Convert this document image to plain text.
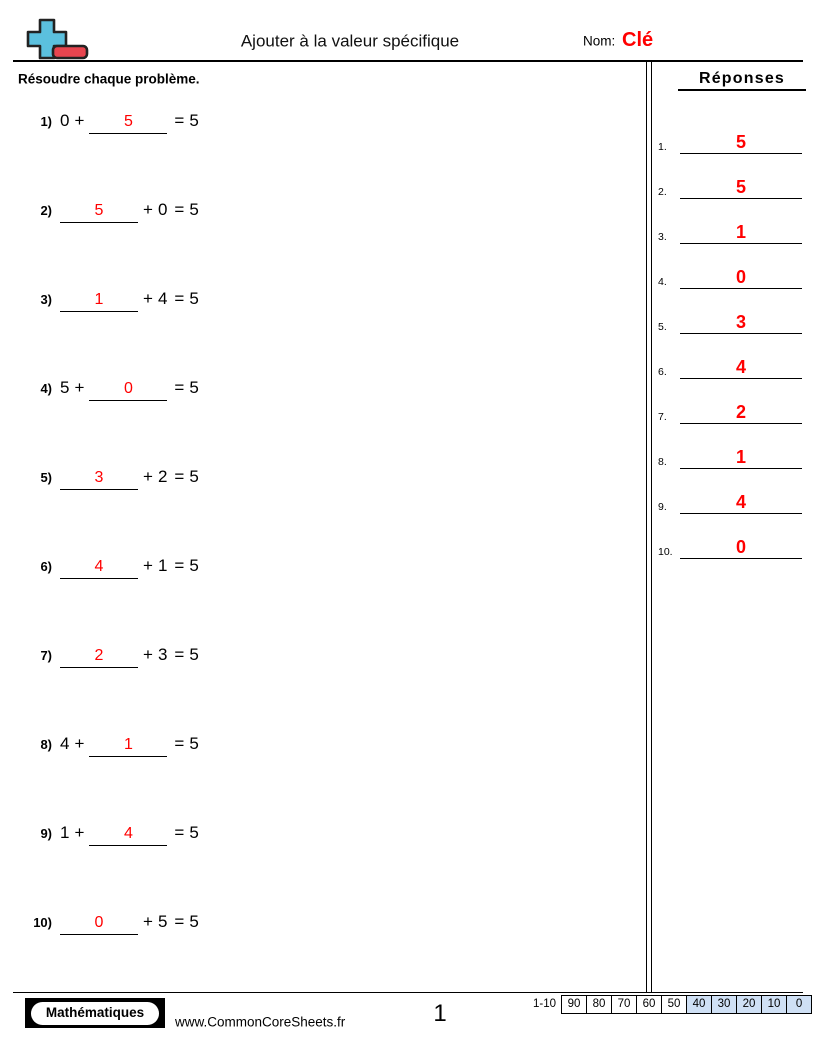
Ajouter à la valeur spécifique	Nom: Clé
Résoudre chaque problème.
1) 0 +	5	= 5
2)	5	+ 0 = 5
3)	1	+ 4 = 5
4) 5 +	0	= 5
5)	3	+ 2 = 5
6)	4	+ 1 = 5
7)	2	+ 3 = 5
8) 4 +	1	= 5
9) 1 +	4	= 5
10)	0	+ 5 = 5
Réponses
1.	5
2.	5
3.	1
4.	0
5.	3
6.	4
7.	2
8.	1
9.	4
10.	0
Mathématiques
www.CommonCoreSheets.fr	1	1-10	90	80	70	60	50	40	30	20	10	0
